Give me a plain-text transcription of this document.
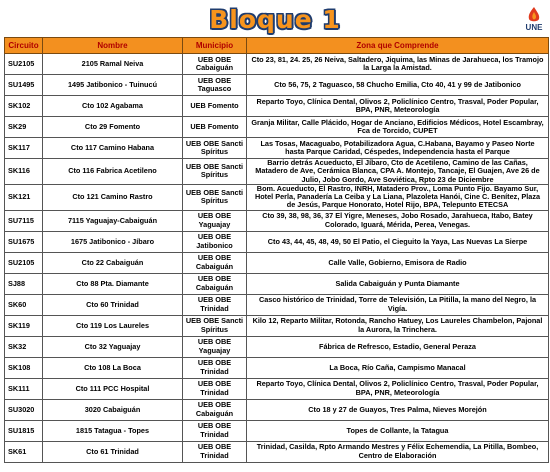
Bloque 1	UNE
Circuito	Nombre	Municipio	Zona que Comprende
SU2105	2105 Ramal Neiva	UEB OBE Cabaiguán	Cto 23, 81, 24. 25, 26 Neiva, Saltadero, Jiquima, las Minas de Jarahueca, los Tramojo la Larga la Amistad.
SU1495	1495 Jatibonico - Tuinucú	UEB OBE Taguasco	Cto 56, 75, 2 Taguasco, 58 Chucho Emilia, Cto 40, 41 y 99 de Jatibonico
SK102	Cto 102 Agabama	UEB Fomento	Reparto Toyo, Clínica Dental, Olivos 2, Policlínico Centro, Trasval, Poder Popular, BPA, PNR, Meteorología
SK29	Cto 29 Fomento	UEB Fomento	Granja Militar, Calle Plácido, Hogar de Anciano, Edificios Médicos, Hotel Escambray, Fca de Torcido, CUPET
SK117	Cto 117 Camino Habana	UEB OBE Sancti Spíritus	Las Tosas, Macaguabo, Potabilizadora Agua, C.Habana, Bayamo y Paseo Norte hasta Parque Caridad, Céspedes, Independencia hasta el Parque
SK116	Cto 116 Fabrica Acetileno	UEB OBE Sancti Spíritus	Barrio detrás Acueducto, El Jíbaro, Cto de Acetileno, Camino de las Cañas, Matadero de Ave, Cerámica Blanca, CPA A. Montejo, Tancaje, El Guajen, Ave 26 de Julio, Jobo Gordo, Ave Soviética, Rpto 23 de Diciembre
SK121	Cto 121 Camino Rastro	UEB OBE Sancti Spíritus	Bom. Acueducto, El Rastro, INRH, Matadero Prov., Loma Punto Fijo. Bayamo Sur, Hotel Perla, Panadería La Ceiba y La Liana, Plazoleta Hanói, Cine C. Benítez, Plaza de Jesús, Parque Honorato, Hotel Rijo, BPA, Telepunto ETECSA
SU7115	7115 Yaguajay-Cabaiguán	UEB OBE Yaguajay	Cto 39, 38, 98, 36, 37 El Yigre, Meneses, Jobo Rosado, Jarahueca, Itabo, Batey Colorado, Iguará, Mérida, Perea, Venegas.
SU1675	1675 Jatibonico - Jíbaro	UEB OBE Jatibonico	Cto 43, 44, 45, 48, 49, 50 El Patio, el Cieguito la Yaya, Las Nuevas La Sierpe
SU2105	Cto 22 Cabaiguán	UEB OBE Cabaiguán	Calle Valle, Gobierno, Emisora de Radio
SJ88	Cto 88 Pta. Diamante	UEB OBE Cabaiguán	Salida Cabaiguán y Punta Diamante
SK60	Cto 60 Trinidad	UEB OBE Trinidad	Casco histórico de Trinidad, Torre de Televisión, La Pitilla, la mano del Negro, la Vigía.
SK119	Cto 119 Los Laureles	UEB OBE Sancti Spíritus	Kilo 12, Reparto Militar, Rotonda, Rancho Hatuey, Los Laureles Chambelon, Pajonal la Aurora, la Trinchera.
SK32	Cto 32 Yaguajay	UEB OBE Yaguajay	Fábrica de Refresco, Estadio, General Peraza
SK108	Cto 108 La Boca	UEB OBE Trinidad	La Boca, Río Caña, Campismo Manacal
SK111	Cto 111 PCC Hospital	UEB OBE Trinidad	Reparto Toyo, Clínica Dental, Olivos 2, Policlínico Centro, Trasval, Poder Popular, BPA, PNR, Meteorología
SU3020	3020 Cabaiguán	UEB OBE Cabaiguán	Cto 18 y 27 de Guayos, Tres Palma, Nieves Morejón
SU1815	1815 Tatagua - Topes	UEB OBE Trinidad	Topes de Collante, la Tatagua
SK61	Cto 61 Trinidad	UEB OBE Trinidad	Trinidad, Casilda, Rpto Armando Mestres y Félix Echemendia, La Pitilla, Bombeo, Centro de Elaboración
